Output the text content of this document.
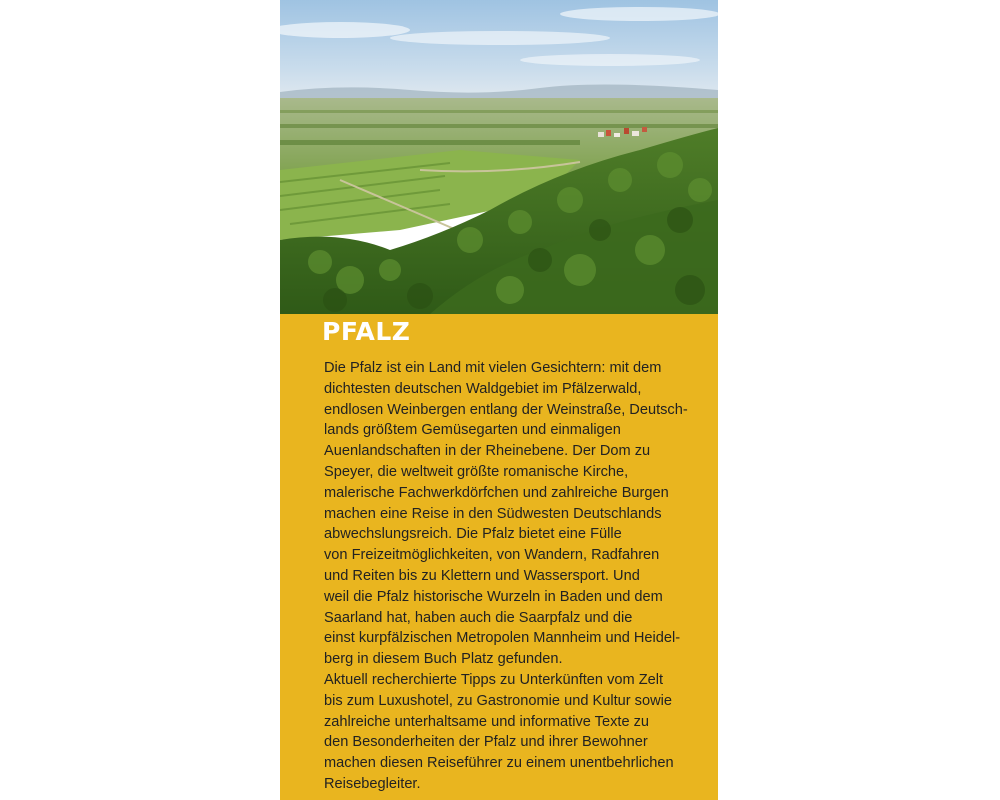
PFALZ
Die Pfalz ist ein Land mit vielen Gesichtern: mit dem
dichtesten deutschen Waldgebiet im Pfälzerwald,
endlosen Weinbergen entlang der Weinstraße, Deutsch-
lands größtem Gemüsegarten und einmaligen
Auenlandschaften in der Rheinebene. Der Dom zu
Speyer, die weltweit größte romanische Kirche,
malerische Fachwerkdörfchen und zahlreiche Burgen
machen eine Reise in den Südwesten Deutschlands
abwechslungsreich. Die Pfalz bietet eine Fülle
von Freizeitmöglichkeiten, von Wandern, Radfahren
und Reiten bis zu Klettern und Wassersport. Und
weil die Pfalz historische Wurzeln in Baden und dem
Saarland hat, haben auch die Saarpfalz und die
einst kurpfälzischen Metropolen Mannheim und Heidel-
berg in diesem Buch Platz gefunden.
Aktuell recherchierte Tipps zu Unterkünften vom Zelt
bis zum Luxushotel, zu Gastronomie und Kultur sowie
zahlreiche unterhaltsame und informative Texte zu
den Besonderheiten der Pfalz und ihrer Bewohner
machen diesen Reiseführer zu einem unentbehrlichen
Reisebegleiter.
